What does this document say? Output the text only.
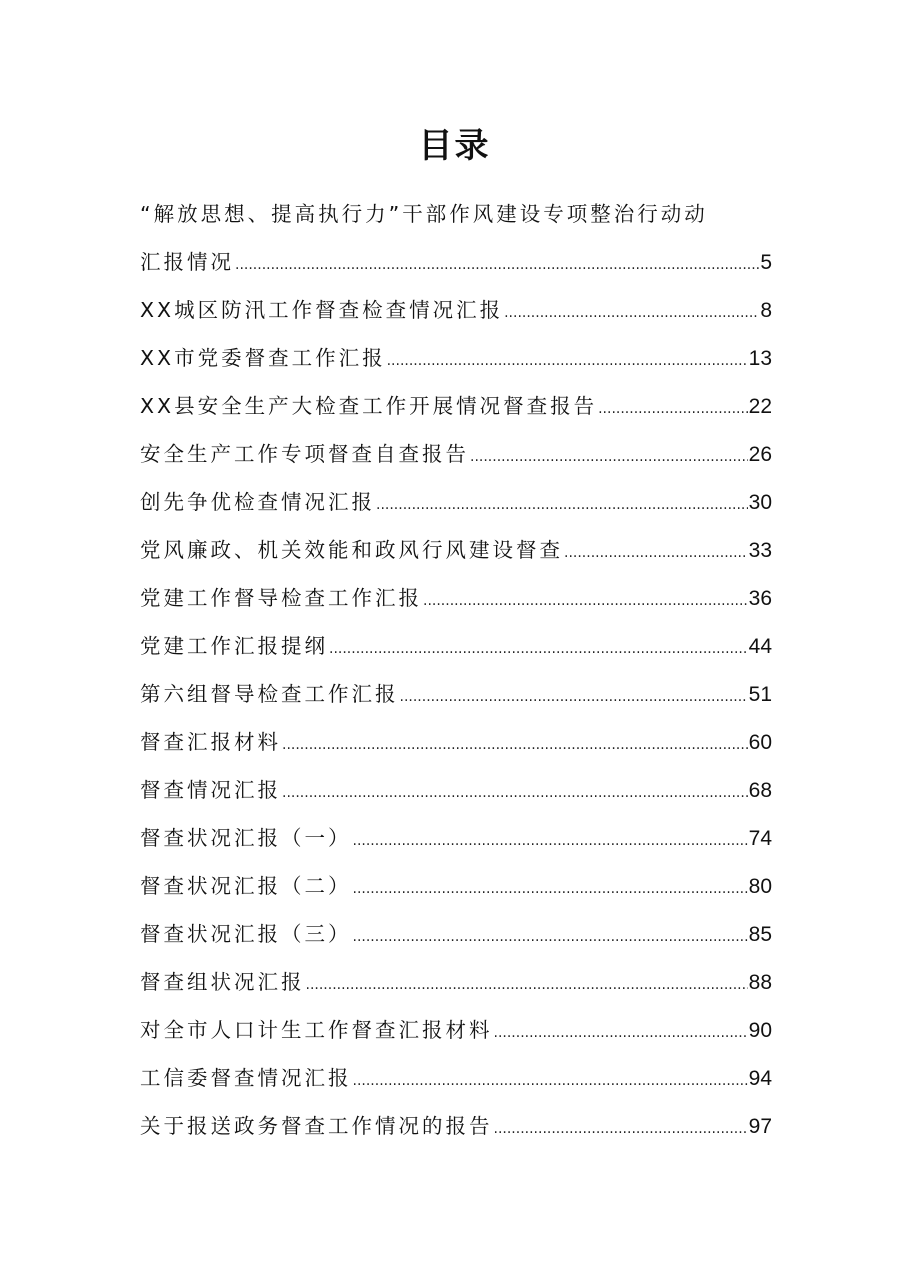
目录
“解放思想、提高执行力”干部作风建设专项整治行动动
汇报情况 .....	5
XX城区防汛工作督查检查情况汇报 .....	8
XX市党委督查工作汇报 .....	13
XX县安全生产大检查工作开展情况督查报告 .....	22
安全生产工作专项督查自查报告 .....	26
创先争优检查情况汇报 .....	30
党风廉政、机关效能和政风行风建设督查 .....	33
党建工作督导检查工作汇报 .....	36
党建工作汇报提纲 .....	44
第六组督导检查工作汇报 .....	51
督查汇报材料 .....	60
督查情况汇报 .....	68
督查状况汇报（一） .....	74
督查状况汇报（二） .....	80
督查状况汇报（三） .....	85
督查组状况汇报 .....	88
对全市人口计生工作督查汇报材料 .....	90
工信委督查情况汇报 .....	94
关于报送政务督查工作情况的报告 .....	97
